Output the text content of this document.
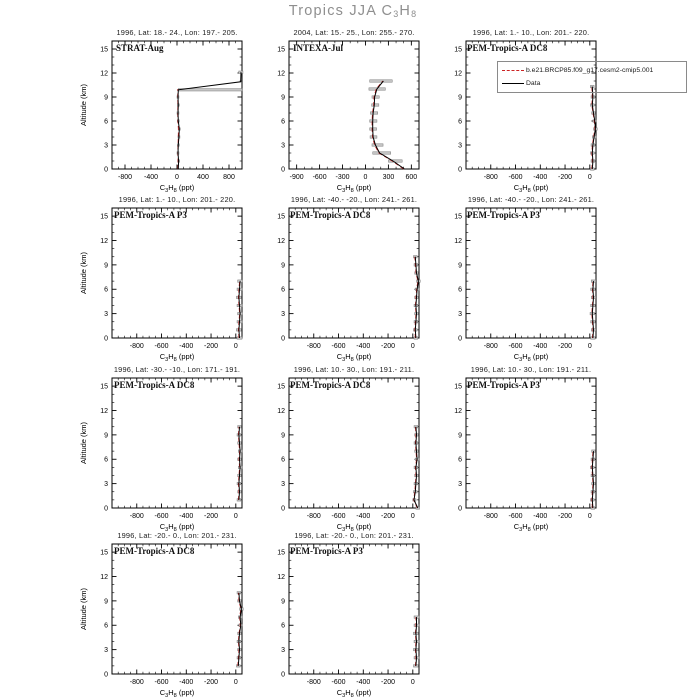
Tropics JJA $C_3H_8$
-800 -400 0	400 800
0
3
6
9
12
15
$C_3H_8$ (ppt)
Altitude (km)
-900 -600 -300 0 300 600
0
3
6
9
12
15
$C_3H_8$ (ppt)
-800 -600 -400 -200 0
0
3
6
9
12
15
$C_3H_8$ (ppt)
-800 -600 -400 -200 0
0
3
6
9
12
15
$C_3H_8$ (ppt)
Altitude (km)
-800 -600 -400 -200 0
0
3
6
9
12
15
$C_3H_8$ (ppt)
-800 -600 -400 -200 0
0
3
6
9
12
15
$C_3H_8$ (ppt)
-800 -600 -400 -200 0
0
3
6
9
12
15
$C_3H_8$ (ppt)
Altitude (km)
-800 -600 -400 -200 0
0
3
6
9
12
15
$C_3H_8$ (ppt)
-800 -600 -400 -200 0
0
3
6
9
12
15
$C_3H_8$ (ppt)
-800 -600 -400 -200 0
0
3
6
9
12
15
$C_3H_8$ (ppt)
Altitude (km)
-800 -600 -400 -200 0
0
3
6
9
12
15
$C_3H_8$ (ppt)
1996, Lat: 18.- 24., Lon: 197.- 205.	2004, Lat: 15.- 25., Lon: 255.- 270.	1996, Lat: 1.- 10., Lon: 201.- 220.
1996, Lat: 1.- 10., Lon: 201.- 220.	1996, Lat: -40.- -20., Lon: 241.- 261.	1996, Lat: -40.- -20., Lon: 241.- 261.
1996, Lat: -30.- -10., Lon: 171.- 191.	1996, Lat: 10.- 30., Lon: 191.- 211.	1996, Lat: 10.- 30., Lon: 191.- 211.
1996, Lat: -20.- 0., Lon: 201.- 231.	1996, Lat: -20.- 0., Lon: 201.- 231.
STRAT-Aug	INTEXA-Jul	PEM-Tropics-A DC8
PEM-Tropics-A P3	PEM-Tropics-A DC8	PEM-Tropics-A P3
PEM-Tropics-A DC8	PEM-Tropics-A DC8	PEM-Tropics-A P3
PEM-Tropics-A DC8	PEM-Tropics-A P3
b.e21.BRCP85.f09_g17.cesm2-cmip5.001
Data
